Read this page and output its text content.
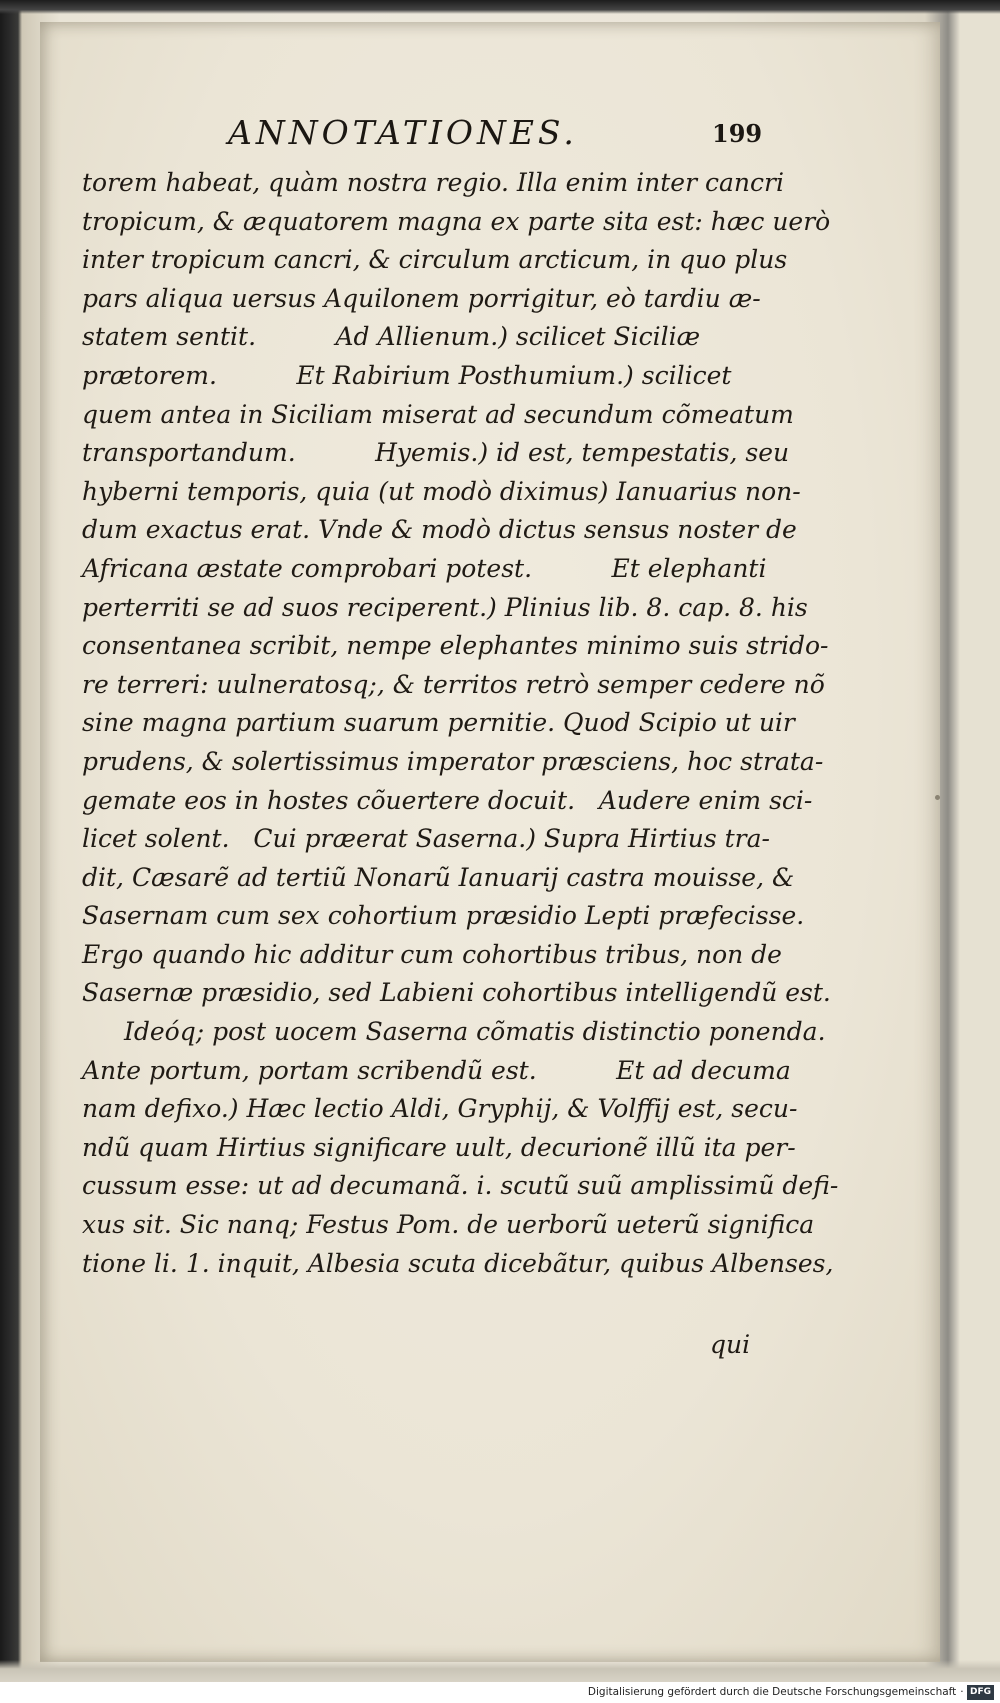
ANNOTATIONES.	199
torem habeat, quàm nostra regio. Illa enim inter cancri
tropicum, & æquatorem magna ex parte sita est: hæc uerò
inter tropicum cancri, & circulum arcticum, in quo plus
pars aliqua uersus Aquilonem porrigitur, eò tardiu æ-
statem sentit.          Ad Allienum.) scilicet Siciliæ
prætorem.          Et Rabirium Posthumium.) scilicet
quem antea in Siciliam miserat ad secundum cõmeatum
transportandum.          Hyemis.) id est, tempestatis, seu
hyberni temporis, quia (ut modò diximus) Ianuarius non-
dum exactus erat. Vnde & modò dictus sensus noster de
Africana æstate comprobari potest.          Et elephanti
perterriti se ad suos reciperent.) Plinius lib. 8. cap. 8. his
consentanea scribit, nempe elephantes minimo suis strido-
re terreri: uulneratosq;, & territos retrò semper cedere nõ
sine magna partium suarum pernitie. Quod Scipio ut uir
prudens, & solertissimus imperator præsciens, hoc strata-
gemate eos in hostes cõuertere docuit.   Audere enim sci-
licet solent.   Cui præerat Saserna.) Supra Hirtius tra-
dit, Cæsarẽ ad tertiũ Nonarũ Ianuarij castra mouisse, &
Sasernam cum sex cohortium præsidio Lepti præfecisse.
Ergo quando hic additur cum cohortibus tribus, non de
Sasernæ præsidio, sed Labieni cohortibus intelligendũ est.
Ideóq; post uocem Saserna cõmatis distinctio ponenda.
Ante portum, portam scribendũ est.          Et ad decuma
nam defixo.) Hæc lectio Aldi, Gryphij, & Volffij est, secu-
ndũ quam Hirtius significare uult, decurionẽ illũ ita per-
cussum esse: ut ad decumanã. i. scutũ suũ amplissimũ defi-
xus sit. Sic nanq; Festus Pom. de uerborũ ueterũ significa
tione li. 1. inquit, Albesia scuta dicebãtur, quibus Albenses,
qui
Digitalisierung gefördert durch die Deutsche Forschungsgemeinschaft · DFG
